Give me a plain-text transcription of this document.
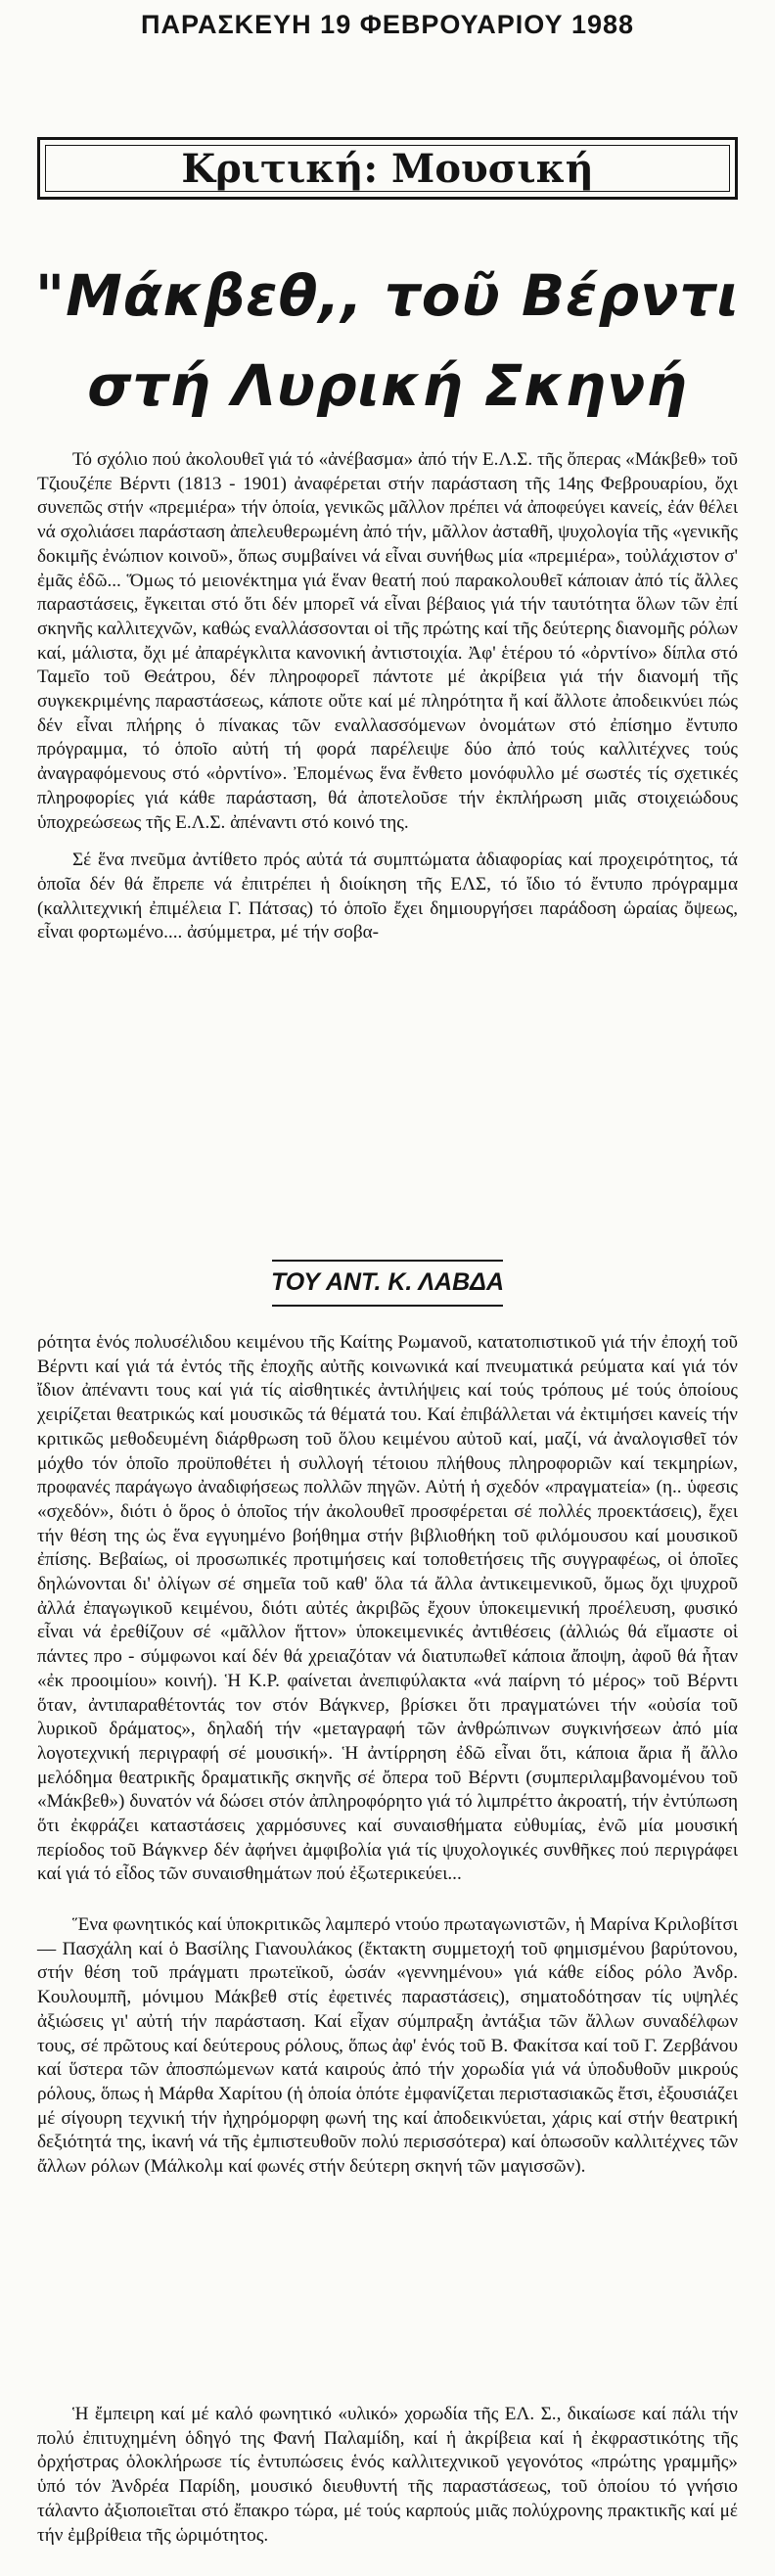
ΠΑΡΑΣΚΕΥΗ 19 ΦΕΒΡΟΥΑΡΙΟΥ 1988
Κριτική: Μουσική
"Μάκβεθ,, τοῦ Βέρντι
στή Λυρική Σκηνή

Τό σχόλιο πού ἀκολουθεῖ γιά τό «ἀνέβασμα» ἀπό τήν Ε.Λ.Σ. τῆς ὄπερας «Μάκβεθ» τοῦ Τζιουζέπε Βέρντι (1813 - 1901) ἀναφέρεται στήν παράσταση τῆς 14ης Φεβρουαρίου, ὄχι συνεπῶς στήν «πρεμιέρα» τήν ὁποία, γενικῶς μᾶλλον πρέπει νά ἀποφεύγει κανείς, ἐάν θέλει νά σχολιάσει παράσταση ἀπελευθερωμένη ἀπό τήν, μᾶλλον ἀσταθῆ, ψυχολογία τῆς «γενικῆς δοκιμῆς ἐνώπιον κοινοῦ», ὅπως συμβαίνει νά εἶναι συνήθως μία «πρεμιέρα», τοὐλάχιστον σ' ἐμᾶς ἐδῶ... Ὅμως τό μειονέκτημα γιά ἕναν θεατή πού παρακολουθεῖ κάποιαν ἀπό τίς ἄλλες παραστάσεις, ἔγκειται στό ὅτι δέν μπορεῖ νά εἶναι βέβαιος γιά τήν ταυτότητα ὅλων τῶν ἐπί σκηνῆς καλλιτεχνῶν, καθώς εναλλάσσονται οἱ τῆς πρώτης καί τῆς δεύτερης διανομῆς ρόλων καί, μάλιστα, ὄχι μέ ἀπαρέγκλιτα κανονική ἀντιστοιχία. Ἀφ' ἑτέρου τό «ὀρντίνο» δίπλα στό Ταμεῖο τοῦ Θεάτρου, δέν πληροφορεῖ πάντοτε μέ ἀκρίβεια γιά τήν διανομή τῆς συγκεκριμένης παραστάσεως, κάποτε οὔτε καί μέ πληρότητα ἤ καί ἄλλοτε ἀποδεικνύει πώς δέν εἶναι πλήρης ὁ πίνακας τῶν εναλλασσόμενων ὀνομάτων στό ἐπίσημο ἔντυπο πρόγραμμα, τό ὁποῖο αὐτή τή φορά παρέλειψε δύο ἀπό τούς καλλιτέχνες τούς ἀναγραφόμενους στό «ὀρντίνο». Ἐπομένως ἕνα ἔνθετο μονόφυλλο μέ σωστές τίς σχετικές πληροφορίες γιά κάθε παράσταση, θά ἀποτελοῦσε τήν ἐκπλήρωση μιᾶς στοιχειώδους ὑποχρεώσεως τῆς Ε.Λ.Σ. ἀπέναντι στό κοινό της.

Σέ ἕνα πνεῦμα ἀντίθετο πρός αὐτά τά συμπτώματα ἀδιαφορίας καί προχειρότητος, τά ὁποῖα δέν θά ἔπρεπε νά ἐπιτρέπει ἡ διοίκηση τῆς ΕΛΣ, τό ἴδιο τό ἔντυπο πρόγραμμα (καλλιτεχνική ἐπιμέλεια Γ. Πάτσας) τό ὁποῖο ἔχει δημιουργήσει παράδοση ὡραίας ὄψεως, εἶναι φορτωμένο.... ἀσύμμετρα, μέ τήν σοβα-

ΤΟΥ ΑΝΤ. Κ. ΛΑΒΔΑ

ρότητα ἑνός πολυσέλιδου κειμένου τῆς Καίτης Ρωμανοῦ, κατατοπιστικοῦ γιά τήν ἐποχή τοῦ Βέρντι καί γιά τά ἐντός τῆς ἐποχῆς αὐτῆς κοινωνικά καί πνευματικά ρεύματα καί γιά τόν ἴδιον ἀπέναντι τους καί γιά τίς αἰσθητικές ἀντιλήψεις καί τούς τρόπους μέ τούς ὁποίους χειρίζεται θεατρικώς καί μουσικῶς τά θέματά του. Καί ἐπιβάλλεται νά ἐκτιμήσει κανείς τήν κριτικῶς μεθοδευμένη διάρθρωση τοῦ ὅλου κειμένου αὐτοῦ καί, μαζί, νά ἀναλογισθεῖ τόν μόχθο τόν ὁποῖο προϋποθέτει ἡ συλλογή τέτοιου πλήθους πληροφοριῶν καί τεκμηρίων, προφανές παράγωγο ἀναδιφήσεως πολλῶν πηγῶν. Αὐτή ἡ σχεδόν «πραγματεία» (η.. ὑφεσις «σχεδόν», διότι ὁ ὅρος ὁ ὁποῖος τήν ἀκολουθεῖ προσφέρεται σέ πολλές προεκτάσεις), ἔχει τήν θέση της ὡς ἕνα εγγυημένο βοήθημα στήν βιβλιοθήκη τοῦ φιλόμουσου καί μουσικοῦ ἐπίσης. Βεβαίως, οἱ προσωπικές προτιμήσεις καί τοποθετήσεις τῆς συγγραφέως, οἱ ὁποῖες δηλώνονται δι' ὀλίγων σέ σημεῖα τοῦ καθ' ὅλα τά ἄλλα ἀντικειμενικοῦ, ὅμως ὄχι ψυχροῦ ἀλλά ἐπαγωγικοῦ κειμένου, διότι αὐτές ἀκριβῶς ἔχουν ὑποκειμενική προέλευση, φυσικό εἶναι νά ἐρεθίζουν σέ «μᾶλλον ἥττον» ὑποκειμενικές ἀντιθέσεις (ἀλλιώς θά εἴμαστε οἱ πάντες προ - σύμφωνοι καί δέν θά χρειαζόταν νά διατυπωθεῖ κάποια ἄποψη, ἀφοῦ θά ἦταν «ἐκ προοιμίου» κοινή). Ἡ Κ.Ρ. φαίνεται ἀνεπιφύλακτα «νά παίρνη τό μέρος» τοῦ Βέρντι ὅταν, ἀντιπαραθέτοντάς τον στόν Βάγκνερ, βρίσκει ὅτι πραγματώνει τήν «οὐσία τοῦ λυρικοῦ δράματος», δηλαδή τήν «μεταγραφή τῶν ἀνθρώπινων συγκινήσεων ἀπό μία λογοτεχνική περιγραφή σέ μουσική». Ἡ ἀντίρρηση ἐδῶ εἶναι ὅτι, κάποια ἄρια ἤ ἄλλο μελόδημα θεατρικῆς δραματικῆς σκηνῆς σέ ὄπερα τοῦ Βέρντι (συμπεριλαμβανομένου τοῦ «Μάκβεθ») δυνατόν νά δώσει στόν ἀπληροφόρητο γιά τό λιμπρέττο ἀκροατή, τήν ἐντύπωση ὅτι ἐκφράζει καταστάσεις χαρμόσυνες καί συναισθήματα εὐθυμίας, ἐνῶ μία μουσική περίοδος τοῦ Βάγκνερ δέν ἀφήνει ἀμφιβολία γιά τίς ψυχολογικές συνθῆκες πού περιγράφει καί γιά τό εἶδος τῶν συναισθημάτων πού ἐξωτερικεύει...

Ἕνα φωνητικός καί ὑποκριτικῶς λαμπερό ντούο πρωταγωνιστῶν, ἡ Μαρίνα Κριλοβίτσι — Πασχάλη καί ὁ Βασίλης Γιανουλάκος (ἔκτακτη συμμετοχή τοῦ φημισμένου βαρύτονου, στήν θέση τοῦ πράγματι πρωτεϊκοῦ, ὡσάν «γεννημένου» γιά κάθε είδος ρόλο Ἀνδρ. Κουλουμπῆ, μόνιμου Μάκβεθ στίς ἐφετινές παραστάσεις), σηματοδότησαν τίς υψηλές ἀξιώσεις γι' αὐτή τήν παράσταση. Καί εἶχαν σύμπραξη ἀντάξια τῶν ἄλλων συναδέλφων τους, σέ πρῶτους καί δεύτερους ρόλους, ὅπως ἀφ' ἑνός τοῦ Β. Φακίτσα καί τοῦ Γ. Ζερβάνου καί ὕστερα τῶν ἀποσπώμενων κατά καιρούς ἀπό τήν χορωδία γιά νά ὑποδυθοῦν μικρούς ρόλους, ὅπως ἡ Μάρθα Χαρίτου (ἡ ὁποία ὁπότε ἐμφανίζεται περιστασιακῶς ἔτσι, ἐξουσιάζει μέ σίγουρη τεχνική τήν ἠχηρόμορφη φωνή της καί ἀποδεικνύεται, χάρις καί στήν θεατρική δεξιότητά της, ἱκανή νά τῆς ἐμπιστευθοῦν πολύ περισσότερα) καί ὁπωσοῦν καλλιτέχνες τῶν ἄλλων ρόλων (Μάλκολμ καί φωνές στήν δεύτερη σκηνή τῶν μαγισσῶν).

Ἡ ἔμπειρη καί μέ καλό φωνητικό «υλικό» χορωδία τῆς ΕΛ. Σ., δικαίωσε καί πάλι τήν πολύ ἐπιτυχημένη ὁδηγό της Φανή Παλαμίδη, καί ἡ ἀκρίβεια καί ἡ ἐκφραστικότης τῆς ὀρχήστρας ὁλοκλήρωσε τίς ἐντυπώσεις ἑνός καλλιτεχνικοῦ γεγονότος «πρώτης γραμμῆς» ὑπό τόν Ἀνδρέα Παρίδη, μουσικό διευθυντή τῆς παραστάσεως, τοῦ ὁποίου τό γνήσιο τάλαντο ἀξιοποιεῖται στό ἔπακρο τώρα, μέ τούς καρπούς μιᾶς πολύχρονης πρακτικῆς καί μέ τήν ἐμβρίθεια τῆς ὡριμότητος.
